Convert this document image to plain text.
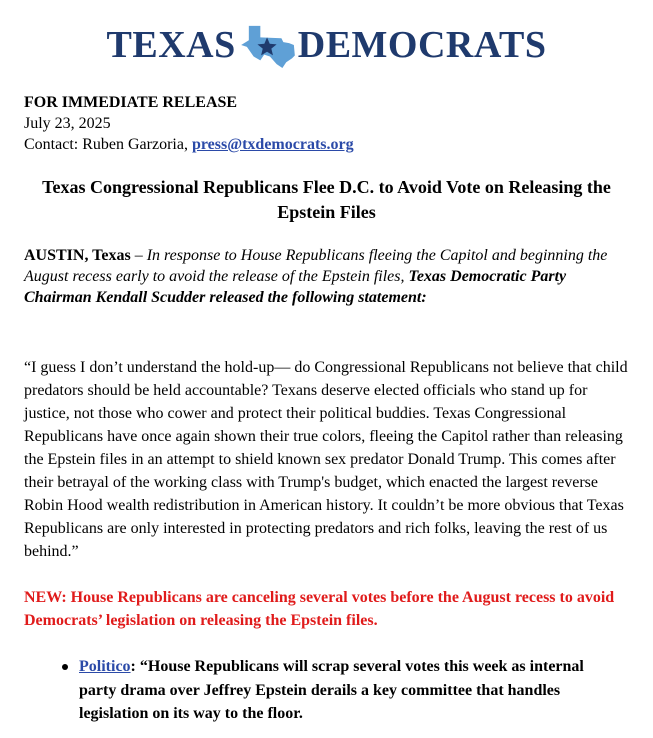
TEXAS DEMOCRATS
FOR IMMEDIATE RELEASE
July 23, 2025
Contact: Ruben Garzoria, press@txdemocrats.org
Texas Congressional Republicans Flee D.C. to Avoid Vote on Releasing the Epstein Files
AUSTIN, Texas – In response to House Republicans fleeing the Capitol and beginning the August recess early to avoid the release of the Epstein files, Texas Democratic Party Chairman Kendall Scudder released the following statement:
“I guess I don’t understand the hold-up— do Congressional Republicans not believe that child predators should be held accountable? Texans deserve elected officials who stand up for justice, not those who cower and protect their political buddies. Texas Congressional Republicans have once again shown their true colors, fleeing the Capitol rather than releasing the Epstein files in an attempt to shield known sex predator Donald Trump. This comes after their betrayal of the working class with Trump's budget, which enacted the largest reverse Robin Hood wealth redistribution in American history. It couldn’t be more obvious that Texas Republicans are only interested in protecting predators and rich folks, leaving the rest of us behind.”
NEW: House Republicans are canceling several votes before the August recess to avoid Democrats’ legislation on releasing the Epstein files.
Politico: “House Republicans will scrap several votes this week as internal party drama over Jeffrey Epstein derails a key committee that handles legislation on its way to the floor.
